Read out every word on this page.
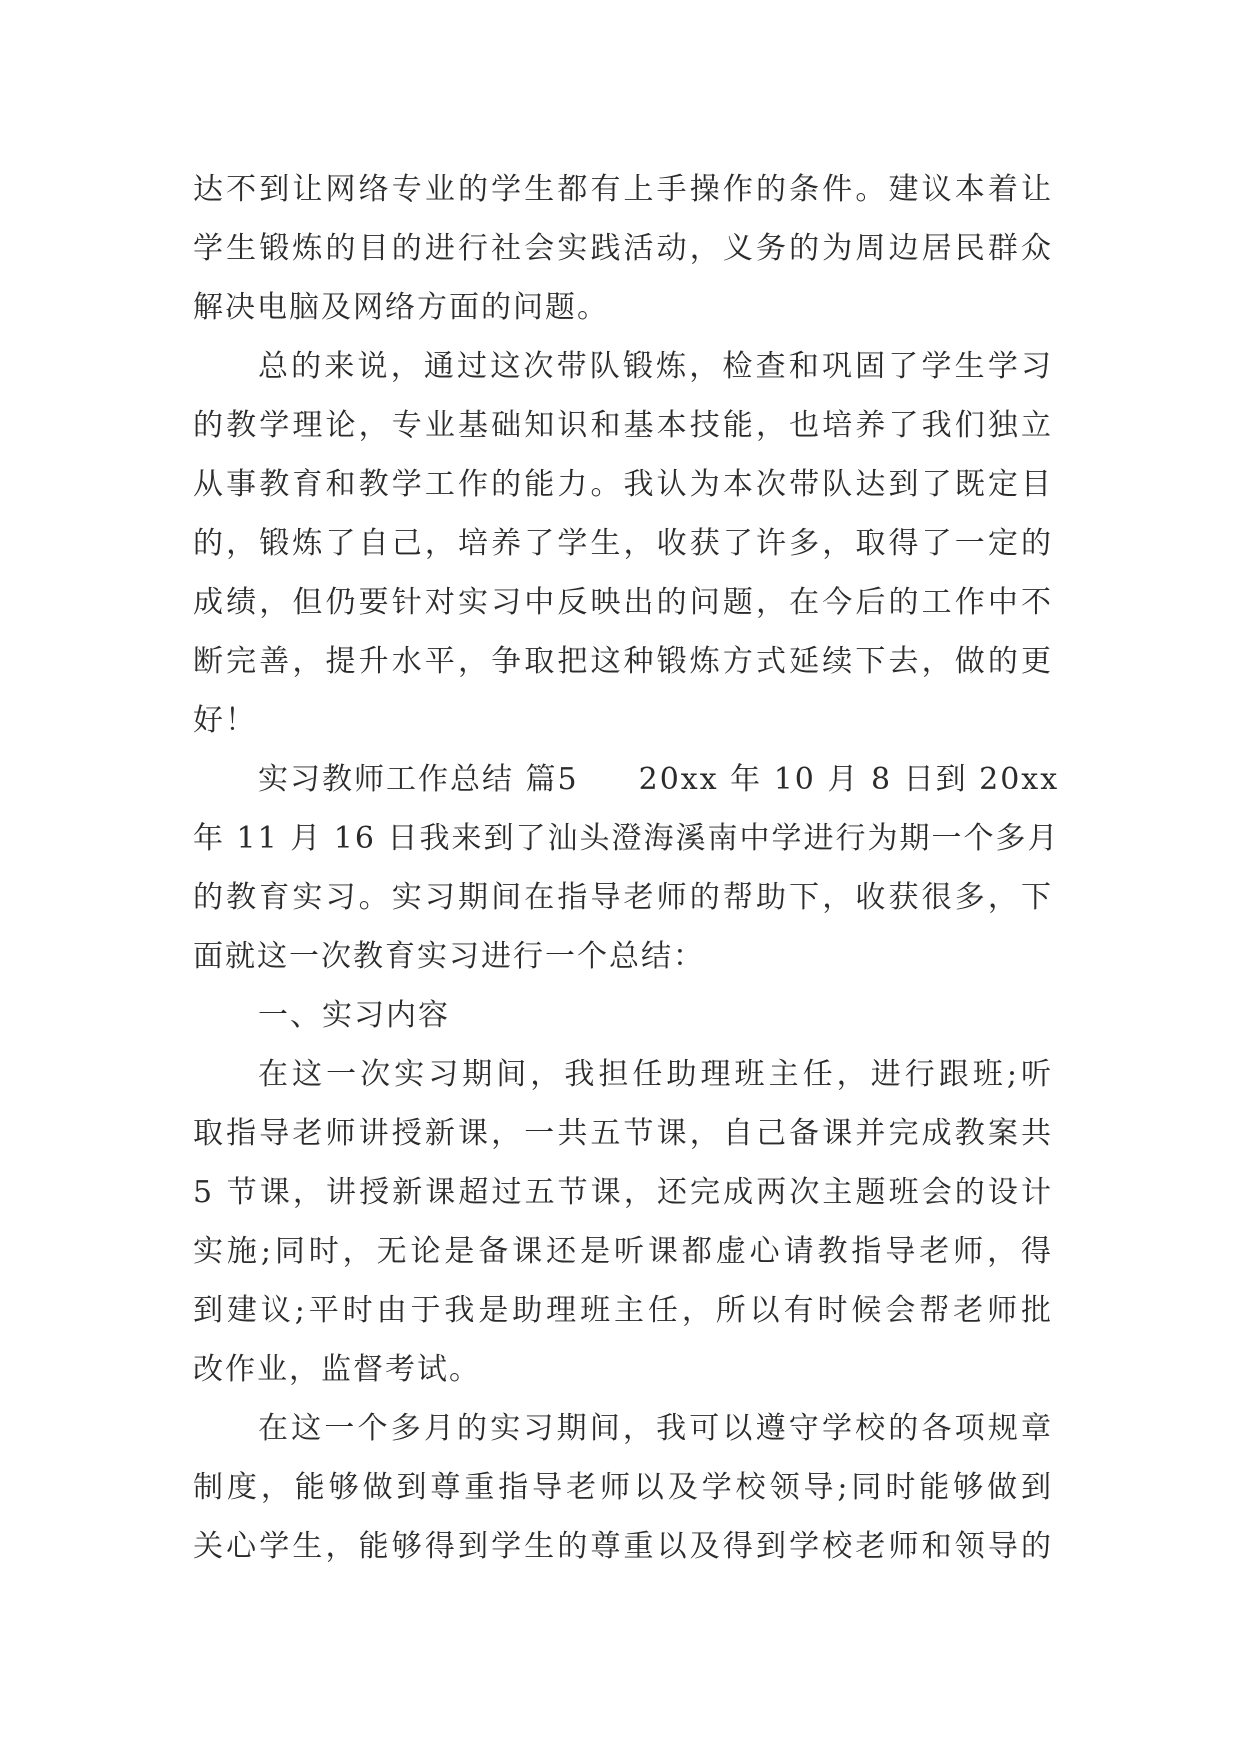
达不到让网络专业的学生都有上手操作的条件。建议本着让
学生锻炼的目的进行社会实践活动，义务的为周边居民群众
解决电脑及网络方面的问题。
总的来说，通过这次带队锻炼，检查和巩固了学生学习
的教学理论，专业基础知识和基本技能，也培养了我们独立
从事教育和教学工作的能力。我认为本次带队达到了既定目
的，锻炼了自己，培养了学生，收获了许多，取得了一定的
成绩，但仍要针对实习中反映出的问题，在今后的工作中不
断完善，提升水平，争取把这种锻炼方式延续下去，做的更
好！
实习教师工作总结 篇5 20xx 年 10 月 8 日到 20xx
年 11 月 16 日我来到了汕头澄海溪南中学进行为期一个多月
的教育实习。实习期间在指导老师的帮助下，收获很多，下
面就这一次教育实习进行一个总结：
一、实习内容
在这一次实习期间，我担任助理班主任，进行跟班;听
取指导老师讲授新课，一共五节课，自己备课并完成教案共
5 节课，讲授新课超过五节课，还完成两次主题班会的设计
实施;同时，无论是备课还是听课都虚心请教指导老师，得
到建议;平时由于我是助理班主任，所以有时候会帮老师批
改作业，监督考试。
在这一个多月的实习期间，我可以遵守学校的各项规章
制度，能够做到尊重指导老师以及学校领导;同时能够做到
关心学生，能够得到学生的尊重以及得到学校老师和领导的
